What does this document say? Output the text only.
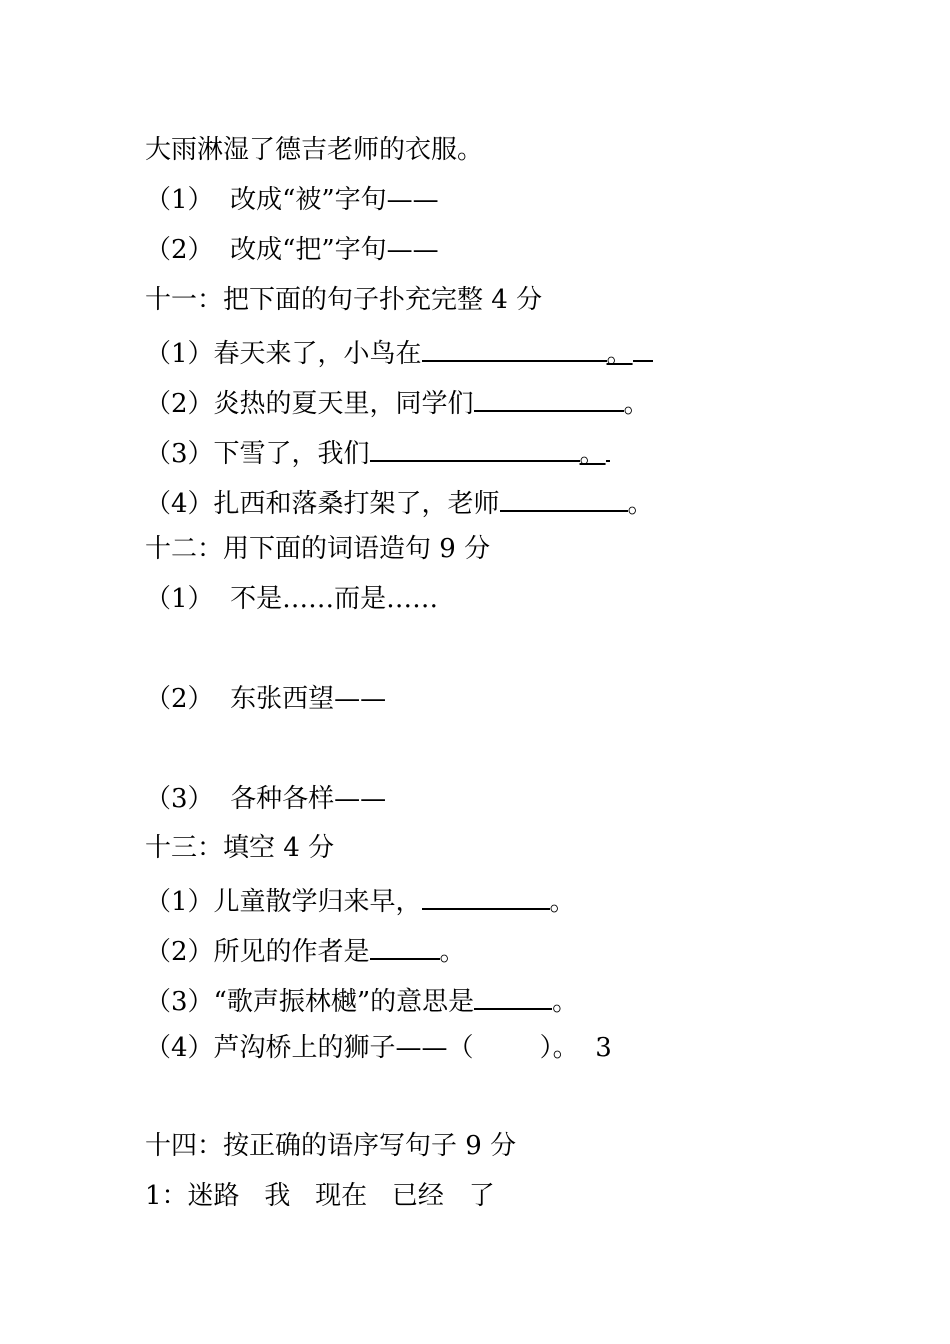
大雨淋湿了德吉老师的衣服。
（1）  改成“被”字句——
（2）  改成“把”字句——
十一：把下面的句子扑充完整 4 分
（1）春天来了，小鸟在	。
（2）炎热的夏天里，同学们	。
（3）下雪了，我们	。
（4）扎西和落桑打架了，老师	。
十二：用下面的词语造句 9 分
（1）  不是……而是……
（2）  东张西望——
（3）  各种各样——
十三：填空 4 分
（1）儿童散学归来早，	。
（2）所见的作者是	。
（3）“歌声振林樾”的意思是	。
（4）芦沟桥上的狮子——（        ）。  3
十四：按正确的语序写句子 9 分
1：迷路   我   现在   已经   了
